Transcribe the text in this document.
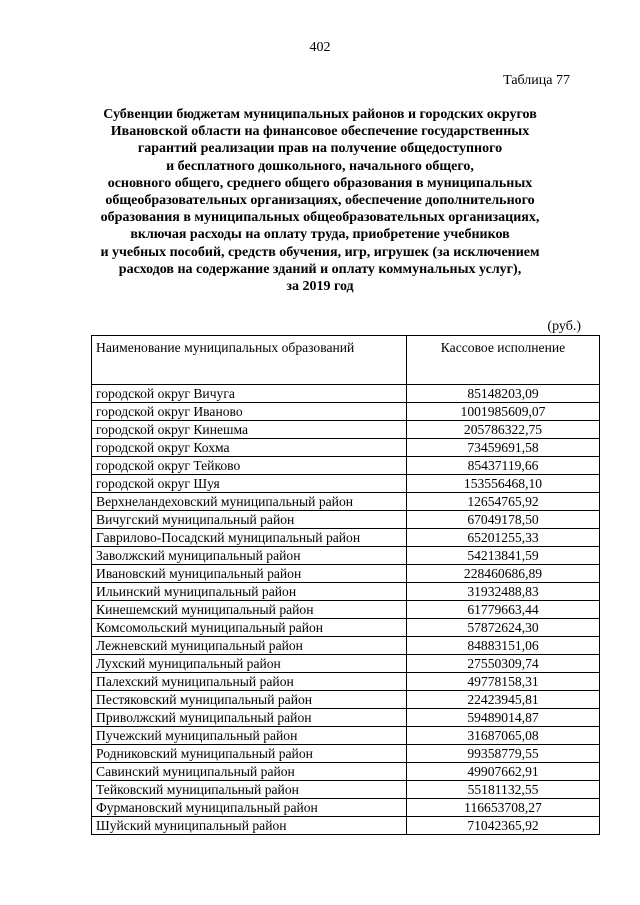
402
Таблица 77
Субвенции бюджетам муниципальных районов и городских округов
Ивановской области на финансовое обеспечение государственных
гарантий реализации прав на получение общедоступного
и бесплатного дошкольного, начального общего,
основного общего, среднего общего образования в муниципальных
общеобразовательных организациях, обеспечение дополнительного
образования в муниципальных общеобразовательных организациях,
включая расходы на оплату труда, приобретение учебников
и учебных пособий, средств обучения, игр, игрушек (за исключением
расходов на содержание зданий и оплату коммунальных услуг),
за 2019 год
(руб.)
Наименование муниципальных образований	Кассовое исполнение
городской округ Вичуга	85148203,09
городской округ Иваново	1001985609,07
городской округ Кинешма	205786322,75
городской округ Кохма	73459691,58
городской округ Тейково	85437119,66
городской округ Шуя	153556468,10
Верхнеландеховский муниципальный район	12654765,92
Вичугский муниципальный район	67049178,50
Гаврилово-Посадский муниципальный район	65201255,33
Заволжский муниципальный район	54213841,59
Ивановский муниципальный район	228460686,89
Ильинский муниципальный район	31932488,83
Кинешемский муниципальный район	61779663,44
Комсомольский муниципальный район	57872624,30
Лежневский муниципальный район	84883151,06
Лухский муниципальный район	27550309,74
Палехский муниципальный район	49778158,31
Пестяковский муниципальный район	22423945,81
Приволжский муниципальный район	59489014,87
Пучежский муниципальный район	31687065,08
Родниковский муниципальный район	99358779,55
Савинский муниципальный район	49907662,91
Тейковский муниципальный район	55181132,55
Фурмановский муниципальный район	116653708,27
Шуйский муниципальный район	71042365,92
